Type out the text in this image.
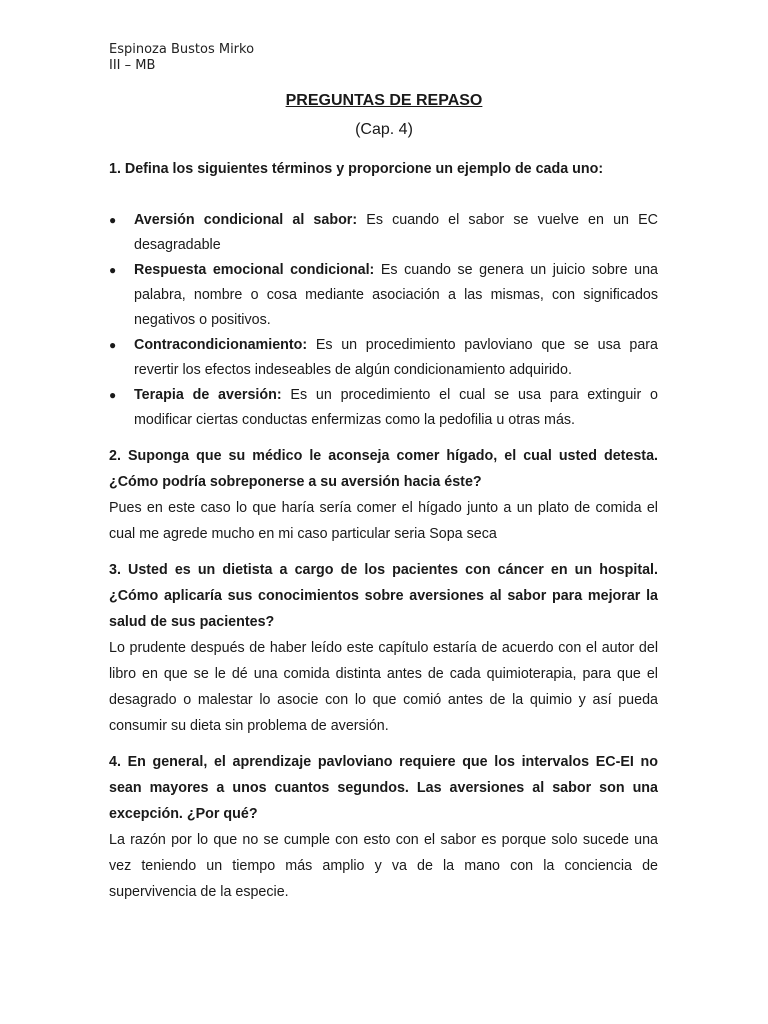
Espinoza Bustos Mirko
III – MB
PREGUNTAS DE REPASO
(Cap. 4)

1. Defina los siguientes términos y proporcione un ejemplo de cada uno:

● Aversión condicional al sabor: Es cuando el sabor se vuelve en un EC desagradable
● Respuesta emocional condicional: Es cuando se genera un juicio sobre una palabra, nombre o cosa mediante asociación a las mismas, con significados negativos o positivos.
● Contracondicionamiento: Es un procedimiento pavloviano que se usa para revertir los efectos indeseables de algún condicionamiento adquirido.
● Terapia de aversión: Es un procedimiento el cual se usa para extinguir o modificar ciertas conductas enfermizas como la pedofilia u otras más.

2. Suponga que su médico le aconseja comer hígado, el cual usted detesta. ¿Cómo podría sobreponerse a su aversión hacia éste?

Pues en este caso lo que haría sería comer el hígado junto a un plato de comida el cual me agrede mucho en mi caso particular seria Sopa seca

3. Usted es un dietista a cargo de los pacientes con cáncer en un hospital. ¿Cómo aplicaría sus conocimientos sobre aversiones al sabor para mejorar la salud de sus pacientes?

Lo prudente después de haber leído este capítulo estaría de acuerdo con el autor del libro en que se le dé una comida distinta antes de cada quimioterapia, para que el desagrado o malestar lo asocie con lo que comió antes de la quimio y así pueda consumir su dieta sin problema de aversión.

4. En general, el aprendizaje pavloviano requiere que los intervalos EC-EI no sean mayores a unos cuantos segundos. Las aversiones al sabor son una excepción. ¿Por qué?

La razón por lo que no se cumple con esto con el sabor es porque solo sucede una vez teniendo un tiempo más amplio y va de la mano con la conciencia de supervivencia de la especie.
